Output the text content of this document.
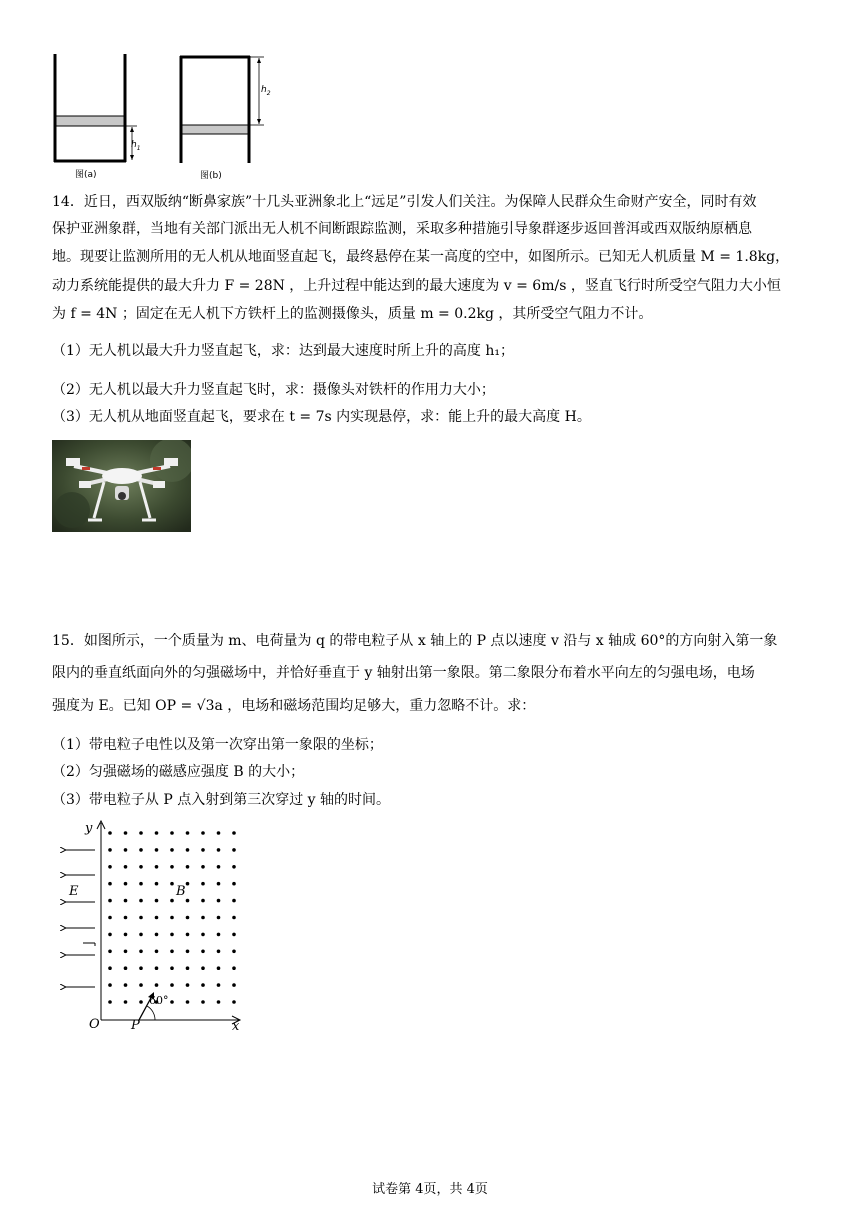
图(a)	图(b)
$h_1$
$h_2$
14．近日，西双版纳“断鼻家族”十几头亚洲象北上“远足”引发人们关注。为保障人民群众生命财产安全，同时有效
保护亚洲象群，当地有关部门派出无人机不间断跟踪监测，采取多种措施引导象群逐步返回普洱或西双版纳原栖息
地。现要让监测所用的无人机从地面竖直起飞，最终悬停在某一高度的空中，如图所示。已知无人机质量 M = 1.8kg，
动力系统能提供的最大升力 F = 28N ，上升过程中能达到的最大速度为 v = 6m/s ，竖直飞行时所受空气阻力大小恒
为 f = 4N ；固定在无人机下方铁杆上的监测摄像头，质量 m = 0.2kg ，其所受空气阻力不计。
（1）无人机以最大升力竖直起飞，求：达到最大速度时所上升的高度 h₁；
（2）无人机以最大升力竖直起飞时，求：摄像头对铁杆的作用力大小；
（3）无人机从地面竖直起飞，要求在 t = 7s 内实现悬停，求：能上升的最大高度 H。
15．如图所示，一个质量为 m、电荷量为 q 的带电粒子从 x 轴上的 P 点以速度 v 沿与 x 轴成 60°的方向射入第一象
限内的垂直纸面向外的匀强磁场中，并恰好垂直于 y 轴射出第一象限。第二象限分布着水平向左的匀强电场，电场
强度为 E。已知 OP = √3a ，电场和磁场范围均足够大，重力忽略不计。求：
（1）带电粒子电性以及第一次穿出第一象限的坐标；
（2）匀强磁场的磁感应强度 B 的大小；
（3）带电粒子从 P 点入射到第三次穿过 y 轴的时间。
y
x
O P
E	B
60°
试卷第 4页，共 4页
